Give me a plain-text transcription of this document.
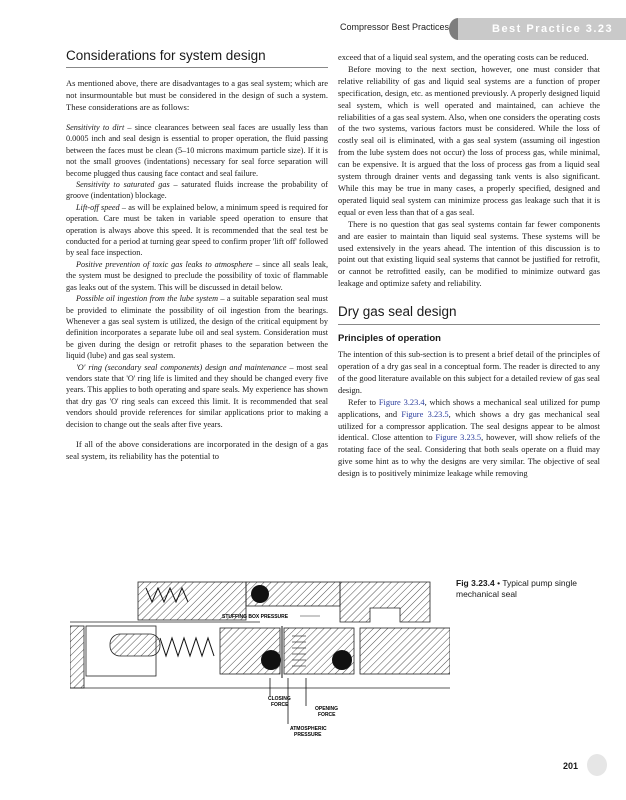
Compressor Best Practices	Best Practice 3.23
Considerations for system design

As mentioned above, there are disadvantages to a gas seal system; which are not insurmountable but must be considered in the design of such a system. These considerations are as follows:

Sensitivity to dirt – since clearances between seal faces are usually less than 0.0005 inch and seal design is essential to proper operation, the fluid passing between the faces must be clean (5–10 microns maximum particle size). If it is not the small grooves (indentations) necessary for seal force separation will become plugged thus causing face contact and seal failure.

Sensitivity to saturated gas – saturated fluids increase the probability of groove (indentation) blockage.

Lift-off speed – as will be explained below, a minimum speed is required for operation. Care must be taken in variable speed operation to ensure that operation is always above this speed. It is recommended that the seal test be conducted for a period at turning gear speed to confirm proper 'lift off' followed by seal face inspection.

Positive prevention of toxic gas leaks to atmosphere – since all seals leak, the system must be designed to preclude the possibility of toxic of flammable gas leaks out of the system. This will be discussed in detail below.

Possible oil ingestion from the lube system – a suitable separation seal must be provided to eliminate the possibility of oil ingestion from the bearings. Whenever a gas seal system is utilized, the design of the critical equipment by definition incorporates a separate lube oil and seal system. Consideration must be given during the design or retrofit phases to the separation between the liquid (lube) and gas seal system.

'O' ring (secondary seal components) design and maintenance – most seal vendors state that 'O' ring life is limited and they should be changed every five years. This applies to both operating and spare seals. My experience has shown that dry gas 'O' ring seals can exceed this limit. It is recommended that seal vendors should provide references for similar applications prior to making a decision to change out the seals after five years.

If all of the above considerations are incorporated in the design of a gas seal system, its reliability has the potential to

exceed that of a liquid seal system, and the operating costs can be reduced.

Before moving to the next section, however, one must consider that relative reliability of gas and liquid seal systems are a function of proper specification, design, etc. as mentioned previously. A properly designed liquid seal system, which is well operated and maintained, can achieve the reliabilities of a gas seal system. Also, when one considers the operating costs of the two systems, various factors must be considered. While the loss of costly seal oil is eliminated, with a gas seal system (assuming oil ingestion from the lube system does not occur) the loss of process gas, while minimal, can be expensive. It is argued that the loss of process gas from a liquid seal system through drainer vents and degassing tank vents is also significant. While this may be true in many cases, a properly specified, designed and operated liquid seal system can minimize process gas leakage such that it is equal or even less than that of a gas seal.

There is no question that gas seal systems contain far fewer components and are easier to maintain than liquid seal systems. These systems will be used extensively in the years ahead. The intention of this discussion is to point out that existing liquid seal systems that cannot be justified for retrofit, or cannot be retrofitted easily, can be modified to minimize outward gas leakage and optimize safety and reliability.

Dry gas seal design
Principles of operation

The intention of this sub-section is to present a brief detail of the principles of operation of a dry gas seal in a conceptual form. The reader is directed to any of the good literature available on this subject for a detailed review of gas seal design.

Refer to Figure 3.23.4, which shows a mechanical seal utilized for pump applications, and Figure 3.23.5, which shows a dry gas mechanical seal utilized for a compressor application. The seal designs appear to be almost identical. Close attention to Figure 3.23.5, however, will show reliefs of the rotating face of the seal. Considering that both seals operate on a fluid may give some hint as to why the designs are very similar. The objective of seal design is to positively minimize leakage while removing

Fig 3.23.4 • Typical pump single mechanical seal
STUFFING BOX PRESSURE
CLOSING
FORCE
OPENING
FORCE
ATMOSPHERIC
PRESSURE
201
